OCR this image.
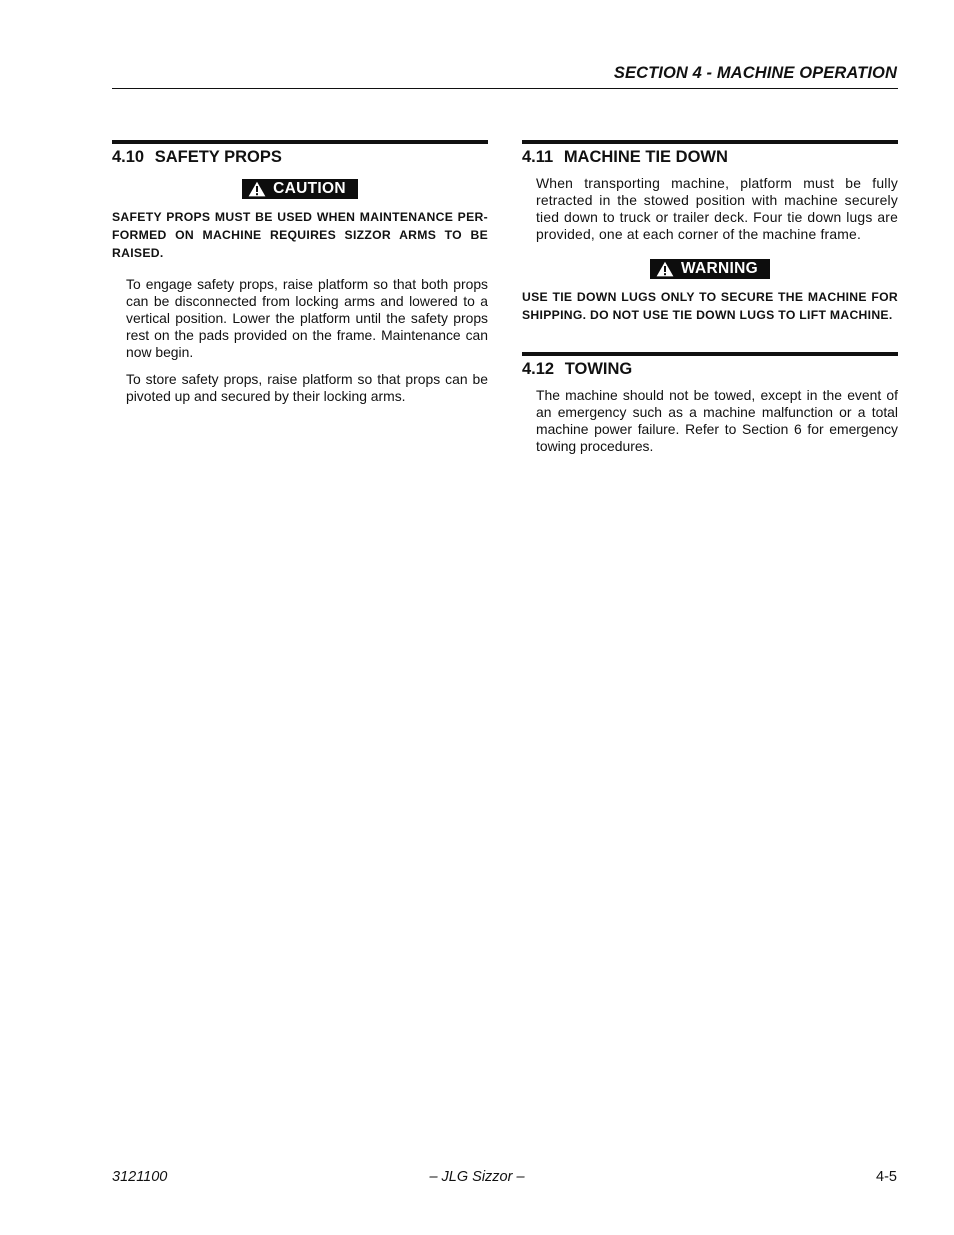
SECTION 4 - MACHINE OPERATION
4.10 SAFETY PROPS
CAUTION

SAFETY PROPS MUST BE USED WHEN MAINTENANCE PER-FORMED ON MACHINE REQUIRES SIZZOR ARMS TO BE RAISED.

To engage safety props, raise platform so that both props can be disconnected from locking arms and lowered to a vertical position. Lower the platform until the safety props rest on the pads provided on the frame. Maintenance can now begin.

To store safety props, raise platform so that props can be pivoted up and secured by their locking arms.

4.11 MACHINE TIE DOWN

When transporting machine, platform must be fully retracted in the stowed position with machine securely tied down to truck or trailer deck. Four tie down lugs are provided, one at each corner of the machine frame.

WARNING

USE TIE DOWN LUGS ONLY TO SECURE THE MACHINE FOR SHIPPING. DO NOT USE TIE DOWN LUGS TO LIFT MACHINE.

4.12 TOWING

The machine should not be towed, except in the event of an emergency such as a machine malfunction or a total machine power failure. Refer to Section 6 for emergency towing procedures.

– JLG Sizzor –
3121100	4-5
